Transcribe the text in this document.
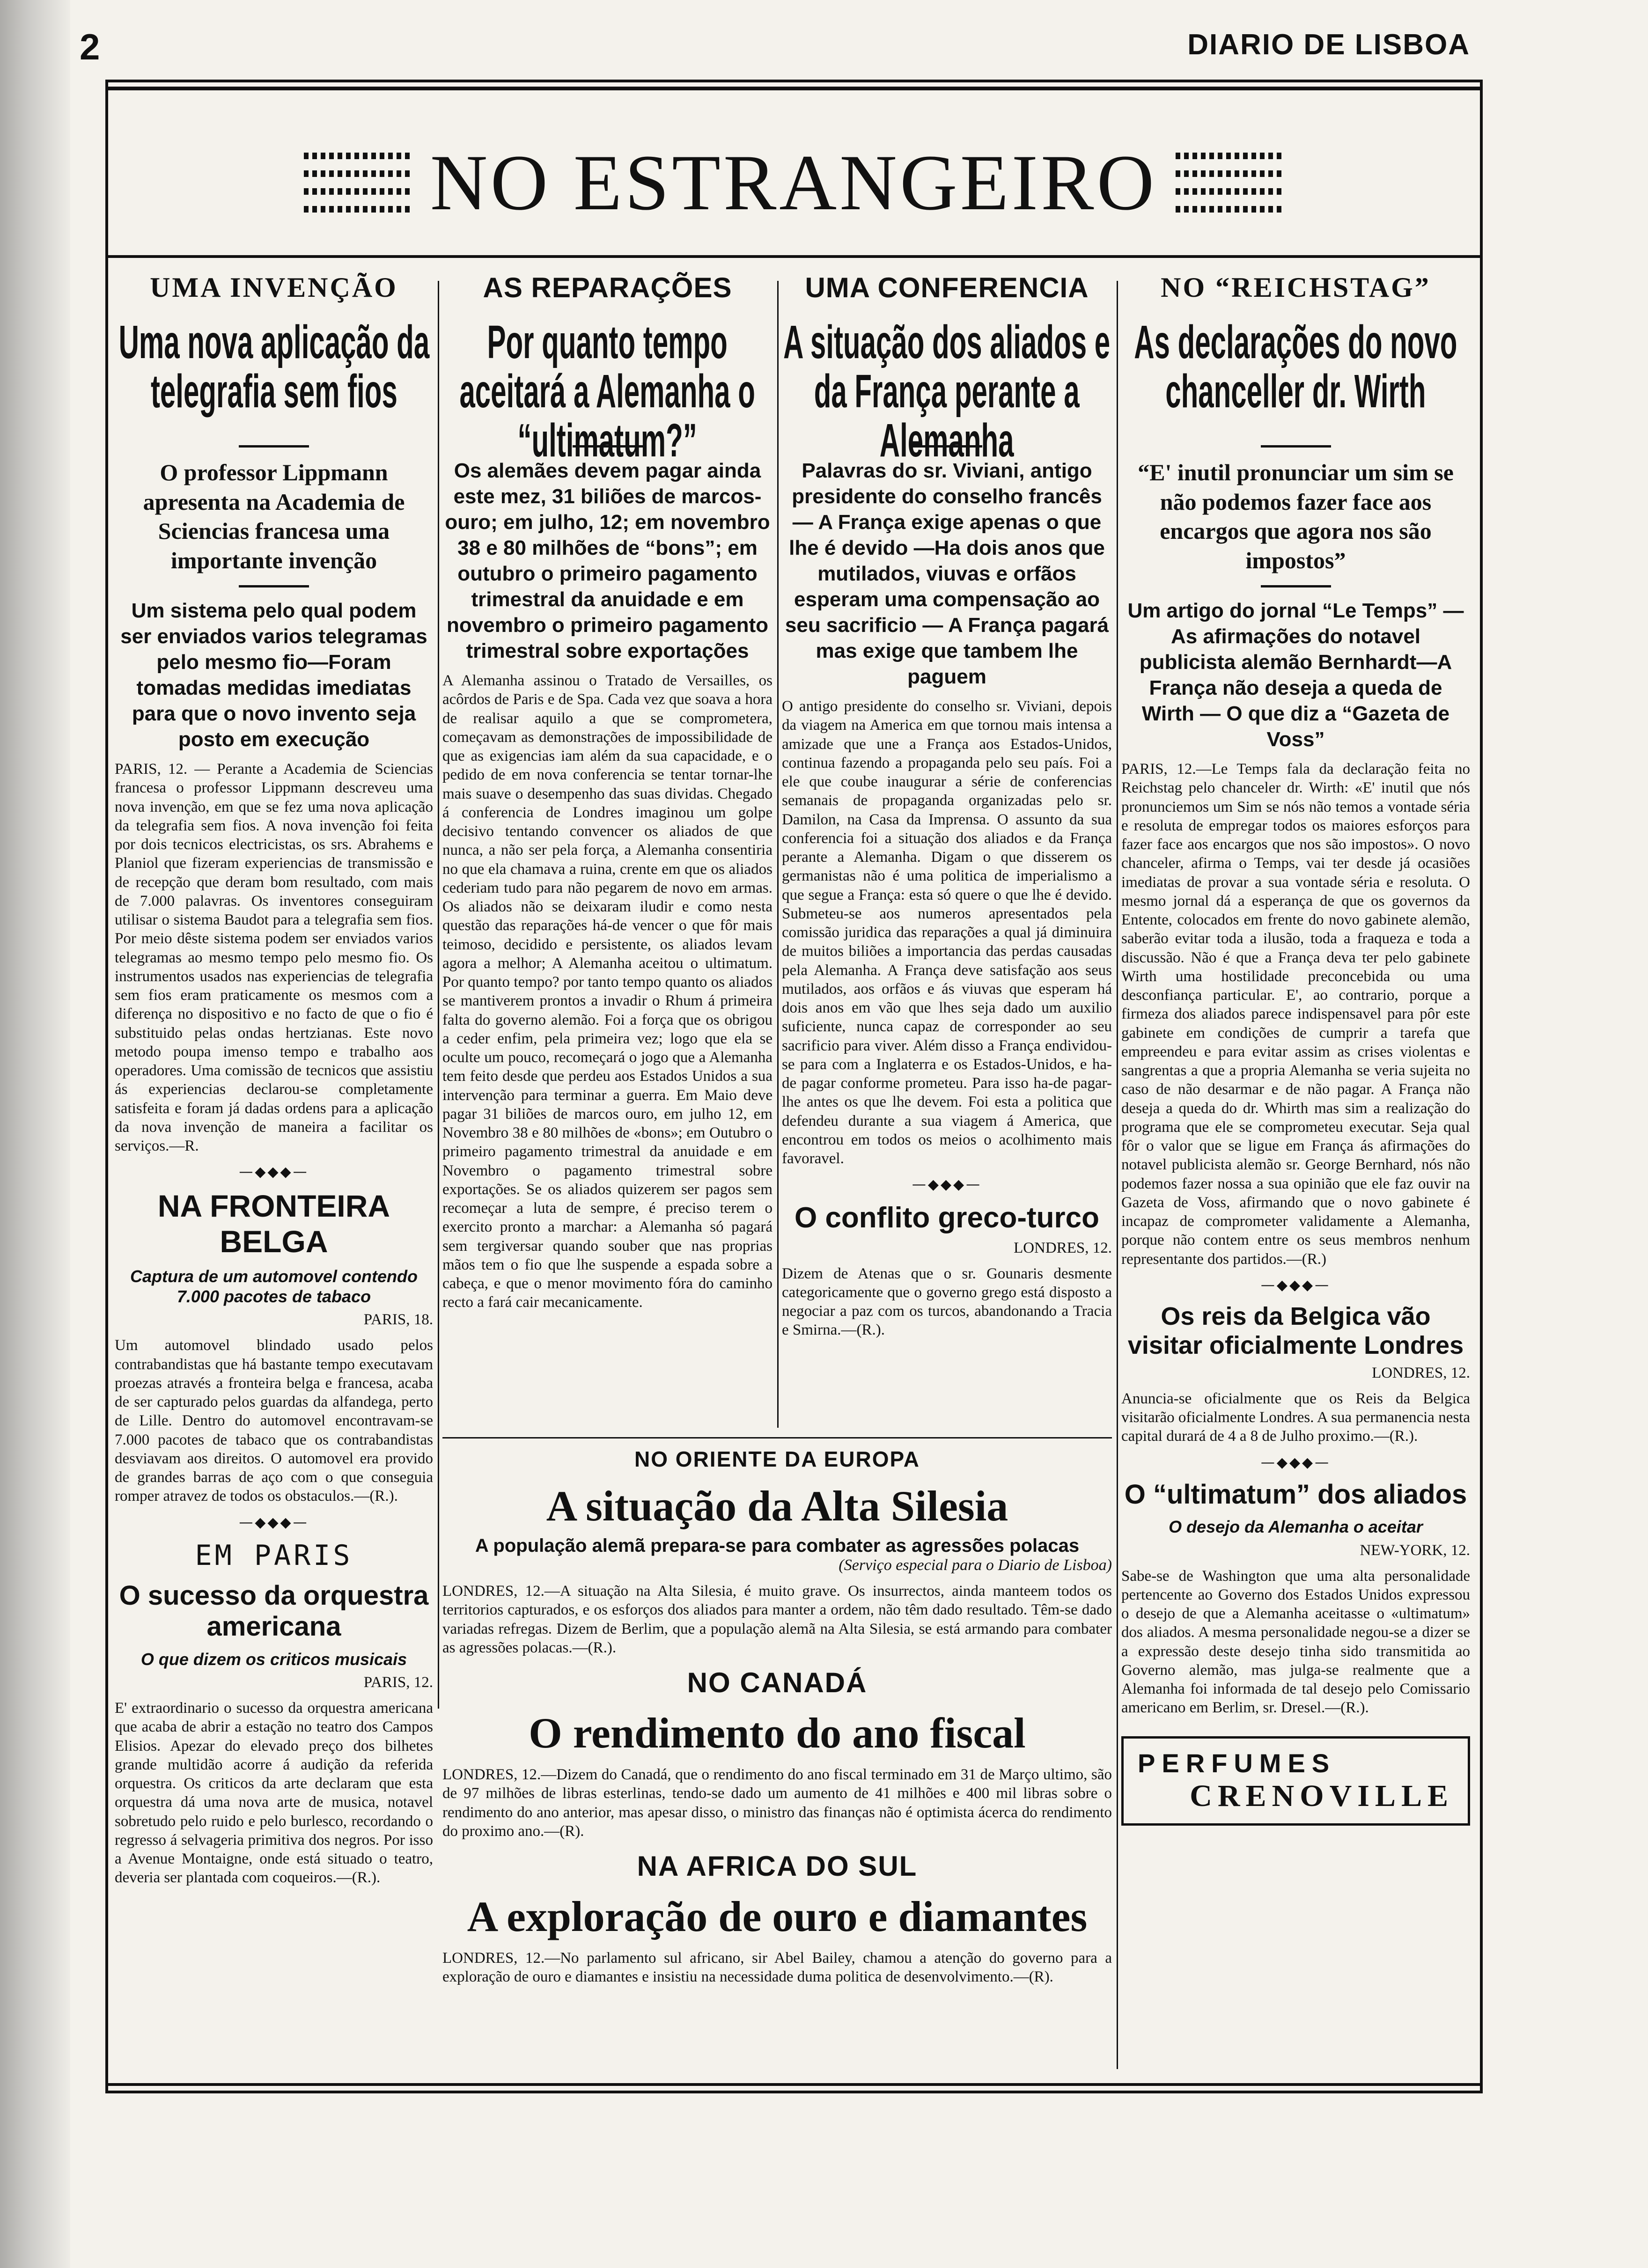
2	DIARIO DE LISBOA
NO ESTRANGEIRO
UMA INVENÇÃO
Uma nova aplicação da telegrafia sem fios
O professor Lippmann apresenta na Academia de Sciencias francesa uma importante invenção
Um sistema pelo qual podem ser enviados varios telegramas pelo mesmo fio—Foram tomadas medidas imediatas para que o novo invento seja posto em execução
PARIS, 12. — Perante a Academia de Sciencias francesa o professor Lippmann descreveu uma nova invenção, em que se fez uma nova aplicação da telegrafia sem fios. A nova invenção foi feita por dois tecnicos electricistas, os srs. Abrahems e Planiol que fizeram experiencias de transmissão e de recepção que deram bom resultado, com mais de 7.000 palavras. Os inventores conseguiram utilisar o sistema Baudot para a telegrafia sem fios. Por meio dêste sistema podem ser enviados varios telegramas ao mesmo tempo pelo mesmo fio. Os instrumentos usados nas experiencias de telegrafia sem fios eram praticamente os mesmos com a diferença no dispositivo e no facto de que o fio é substituido pelas ondas hertzianas. Este novo metodo poupa imenso tempo e trabalho aos operadores. Uma comissão de tecnicos que assistiu ás experiencias declarou-se completamente satisfeita e foram já dadas ordens para a aplicação da nova invenção de maneira a facilitar os serviços.—R.
—◆◆◆—
NA FRONTEIRA BELGA
Captura de um automovel contendo 7.000 pacotes de tabaco
PARIS, 18.
Um automovel blindado usado pelos contrabandistas que há bastante tempo executavam proezas através a fronteira belga e francesa, acaba de ser capturado pelos guardas da alfandega, perto de Lille. Dentro do automovel encontravam-se 7.000 pacotes de tabaco que os contrabandistas desviavam aos direitos. O automovel era provido de grandes barras de aço com o que conseguia romper atravez de todos os obstaculos.—(R.).
—◆◆◆—
EM PARIS
O sucesso da orquestra americana
O que dizem os criticos musicais
PARIS, 12.
E' extraordinario o sucesso da orquestra americana que acaba de abrir a estação no teatro dos Campos Elisios. Apezar do elevado preço dos bilhetes grande multidão acorre á audição da referida orquestra. Os criticos da arte declaram que esta orquestra dá uma nova arte de musica, notavel sobretudo pelo ruido e pelo burlesco, recordando o regresso á selvageria primitiva dos negros. Por isso a Avenue Montaigne, onde está situado o teatro, deveria ser plantada com coqueiros.—(R.).
AS REPARAÇÕES
Por quanto tempo aceitará a Alemanha o “ultimatum?”
Os alemães devem pagar ainda este mez, 31 biliões de marcos-ouro; em julho, 12; em novembro 38 e 80 milhões de “bons”; em outubro o primeiro pagamento trimestral da anuidade e em novembro o primeiro pagamento trimestral sobre exportações
A Alemanha assinou o Tratado de Versailles, os acôrdos de Paris e de Spa. Cada vez que soava a hora de realisar aquilo a que se comprometera, começavam as demonstrações de impossibilidade de que as exigencias iam além da sua capacidade, e o pedido de em nova conferencia se tentar tornar-lhe mais suave o desempenho das suas dividas. Chegado á conferencia de Londres imaginou um golpe decisivo tentando convencer os aliados de que nunca, a não ser pela força, a Alemanha consentiria no que ela chamava a ruina, crente em que os aliados cederiam tudo para não pegarem de novo em armas. Os aliados não se deixaram iludir e como nesta questão das reparações há-de vencer o que fôr mais teimoso, decidido e persistente, os aliados levam agora a melhor; A Alemanha aceitou o ultimatum. Por quanto tempo? por tanto tempo quanto os aliados se mantiverem prontos a invadir o Rhum á primeira falta do governo alemão. Foi a força que os obrigou a ceder enfim, pela primeira vez; logo que ela se oculte um pouco, recomeçará o jogo que a Alemanha tem feito desde que perdeu aos Estados Unidos a sua intervenção para terminar a guerra. Em Maio deve pagar 31 biliões de marcos ouro, em julho 12, em Novembro 38 e 80 milhões de «bons»; em Outubro o primeiro pagamento trimestral da anuidade e em Novembro o pagamento trimestral sobre exportações. Se os aliados quizerem ser pagos sem recomeçar a luta de sempre, é preciso terem o exercito pronto a marchar: a Alemanha só pagará sem tergiversar quando souber que nas proprias mãos tem o fio que lhe suspende a espada sobre a cabeça, e que o menor movimento fóra do caminho recto a fará cair mecanicamente.
UMA CONFERENCIA
A situação dos aliados e da França perante a Alemanha
Palavras do sr. Viviani, antigo presidente do conselho francês — A França exige apenas o que lhe é devido —Ha dois anos que mutilados, viuvas e orfãos esperam uma compensação ao seu sacrificio — A França pagará mas exige que tambem lhe paguem
O antigo presidente do conselho sr. Viviani, depois da viagem na America em que tornou mais intensa a amizade que une a França aos Estados-Unidos, continua fazendo a propaganda pelo seu país. Foi a ele que coube inaugurar a série de conferencias semanais de propaganda organizadas pelo sr. Damilon, na Casa da Imprensa. O assunto da sua conferencia foi a situação dos aliados e da França perante a Alemanha. Digam o que disserem os germanistas não é uma politica de imperialismo a que segue a França: esta só quere o que lhe é devido. Submeteu-se aos numeros apresentados pela comissão juridica das reparações a qual já diminuira de muitos biliões a importancia das perdas causadas pela Alemanha. A França deve satisfação aos seus mutilados, aos orfãos e ás viuvas que esperam há dois anos em vão que lhes seja dado um auxilio suficiente, nunca capaz de corresponder ao seu sacrificio para viver. Além disso a França endividou-se para com a Inglaterra e os Estados-Unidos, e ha-de pagar conforme prometeu. Para isso ha-de pagar-lhe antes os que lhe devem. Foi esta a politica que defendeu durante a sua viagem á America, que encontrou em todos os meios o acolhimento mais favoravel.
—◆◆◆—
O conflito greco-turco
LONDRES, 12.
Dizem de Atenas que o sr. Gounaris desmente categoricamente que o governo grego está disposto a negociar a paz com os turcos, abandonando a Tracia e Smirna.—(R.).
NO “REICHSTAG”
As declarações do novo chanceller dr. Wirth
“E' inutil pronunciar um sim se não podemos fazer face aos encargos que agora nos são impostos”
Um artigo do jornal “Le Temps” —As afirmações do notavel publicista alemão Bernhardt—A França não deseja a queda de Wirth — O que diz a “Gazeta de Voss”
PARIS, 12.—Le Temps fala da declaração feita no Reichstag pelo chanceler dr. Wirth: «E' inutil que nós pronunciemos um Sim se nós não temos a vontade séria e resoluta de empregar todos os maiores esforços para fazer face aos encargos que nos são impostos». O novo chanceler, afirma o Temps, vai ter desde já ocasiões imediatas de provar a sua vontade séria e resoluta. O mesmo jornal dá a esperança de que os governos da Entente, colocados em frente do novo gabinete alemão, saberão evitar toda a ilusão, toda a fraqueza e toda a discussão. Não é que a França deva ter pelo gabinete Wirth uma hostilidade preconcebida ou uma desconfiança particular. E', ao contrario, porque a firmeza dos aliados parece indispensavel para pôr este gabinete em condições de cumprir a tarefa que empreendeu e para evitar assim as crises violentas e sangrentas a que a propria Alemanha se veria sujeita no caso de não desarmar e de não pagar. A França não deseja a queda do dr. Whirth mas sim a realização do programa que ele se comprometeu executar. Seja qual fôr o valor que se ligue em França ás afirmações do notavel publicista alemão sr. George Bernhard, nós não podemos fazer nossa a sua opinião que ele faz ouvir na Gazeta de Voss, afirmando que o novo gabinete é incapaz de comprometer validamente a Alemanha, porque não contem entre os seus membros nenhum representante dos partidos.—(R.)
—◆◆◆—
Os reis da Belgica vão visitar oficialmente Londres
LONDRES, 12.
Anuncia-se oficialmente que os Reis da Belgica visitarão oficialmente Londres. A sua permanencia nesta capital durará de 4 a 8 de Julho proximo.—(R.).
—◆◆◆—
O “ultimatum” dos aliados
O desejo da Alemanha o aceitar
NEW-YORK, 12.
Sabe-se de Washington que uma alta personalidade pertencente ao Governo dos Estados Unidos expressou o desejo de que a Alemanha aceitasse o «ultimatum» dos aliados. A mesma personalidade negou-se a dizer se a expressão deste desejo tinha sido transmitida ao Governo alemão, mas julga-se realmente que a Alemanha foi informada de tal desejo pelo Comissario americano em Berlim, sr. Dresel.—(R.).
PERFUMES
CRENOVILLE
NO ORIENTE DA EUROPA
A situação da Alta Silesia
A população alemã prepara-se para combater as agressões polacas
(Serviço especial para o Diario de Lisboa)
LONDRES, 12.—A situação na Alta Silesia, é muito grave. Os insurrectos, ainda manteem todos os territorios capturados, e os esforços dos aliados para manter a ordem, não têm dado resultado. Têm-se dado variadas refregas. Dizem de Berlim, que a população alemã na Alta Silesia, se está armando para combater as agressões polacas.—(R.).
NO CANADÁ
O rendimento do ano fiscal
LONDRES, 12.—Dizem do Canadá, que o rendimento do ano fiscal terminado em 31 de Março ultimo, são de 97 milhões de libras esterlinas, tendo-se dado um aumento de 41 milhões e 400 mil libras sobre o rendimento do ano anterior, mas apesar disso, o ministro das finanças não é optimista ácerca do rendimento do proximo ano.—(R).
NA AFRICA DO SUL
A exploração de ouro e diamantes
LONDRES, 12.—No parlamento sul africano, sir Abel Bailey, chamou a atenção do governo para a exploração de ouro e diamantes e insistiu na necessidade duma politica de desenvolvimento.—(R).
